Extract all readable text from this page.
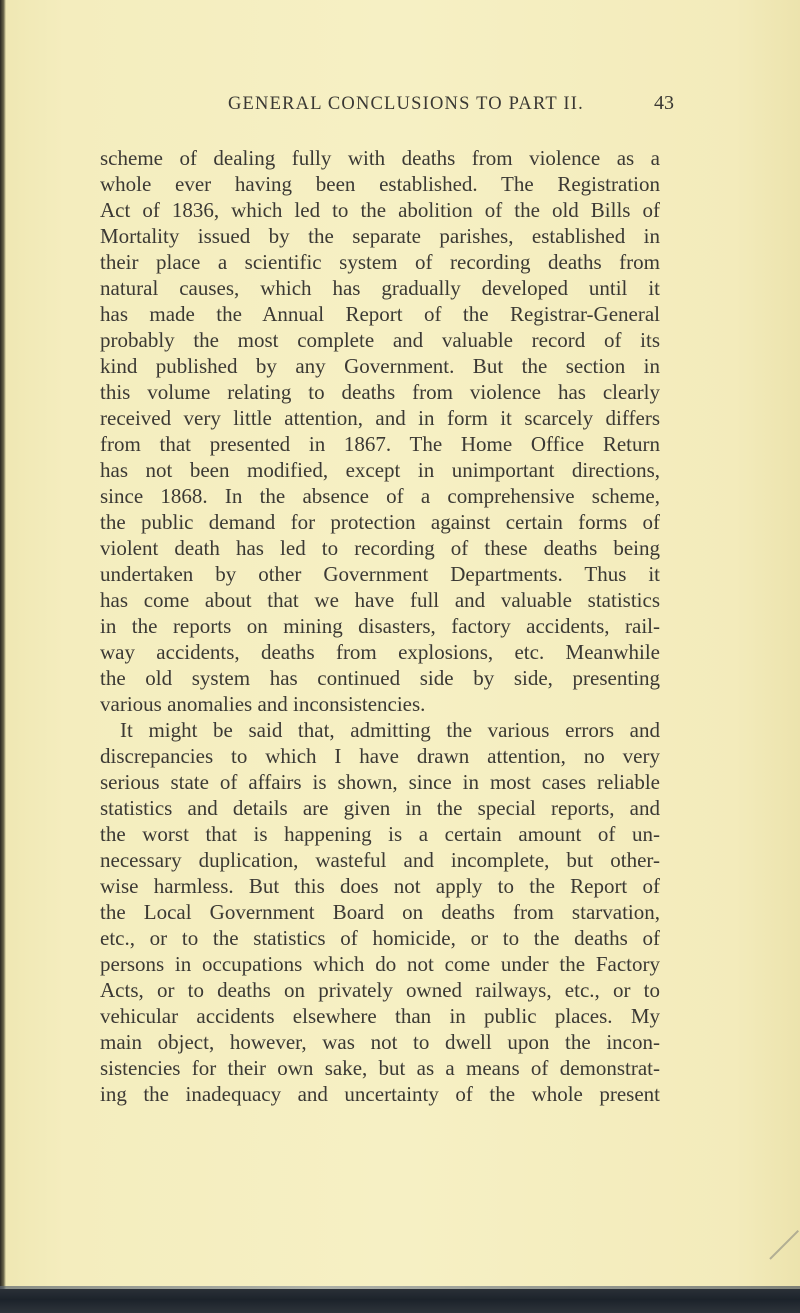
GENERAL CONCLUSIONS TO PART II.	43
scheme of dealing fully with deaths from violence as a
whole ever having been established. The Registration
Act of 1836, which led to the abolition of the old Bills of
Mortality issued by the separate parishes, established in
their place a scientific system of recording deaths from
natural causes, which has gradually developed until it
has made the Annual Report of the Registrar-General
probably the most complete and valuable record of its
kind published by any Government. But the section in
this volume relating to deaths from violence has clearly
received very little attention, and in form it scarcely differs
from that presented in 1867. The Home Office Return
has not been modified, except in unimportant directions,
since 1868. In the absence of a comprehensive scheme,
the public demand for protection against certain forms of
violent death has led to recording of these deaths being
undertaken by other Government Departments. Thus it
has come about that we have full and valuable statistics
in the reports on mining disasters, factory accidents, rail-
way accidents, deaths from explosions, etc. Meanwhile
the old system has continued side by side, presenting
various anomalies and inconsistencies.
It might be said that, admitting the various errors and
discrepancies to which I have drawn attention, no very
serious state of affairs is shown, since in most cases reliable
statistics and details are given in the special reports, and
the worst that is happening is a certain amount of un-
necessary duplication, wasteful and incomplete, but other-
wise harmless. But this does not apply to the Report of
the Local Government Board on deaths from starvation,
etc., or to the statistics of homicide, or to the deaths of
persons in occupations which do not come under the Factory
Acts, or to deaths on privately owned railways, etc., or to
vehicular accidents elsewhere than in public places. My
main object, however, was not to dwell upon the incon-
sistencies for their own sake, but as a means of demonstrat-
ing the inadequacy and uncertainty of the whole present
